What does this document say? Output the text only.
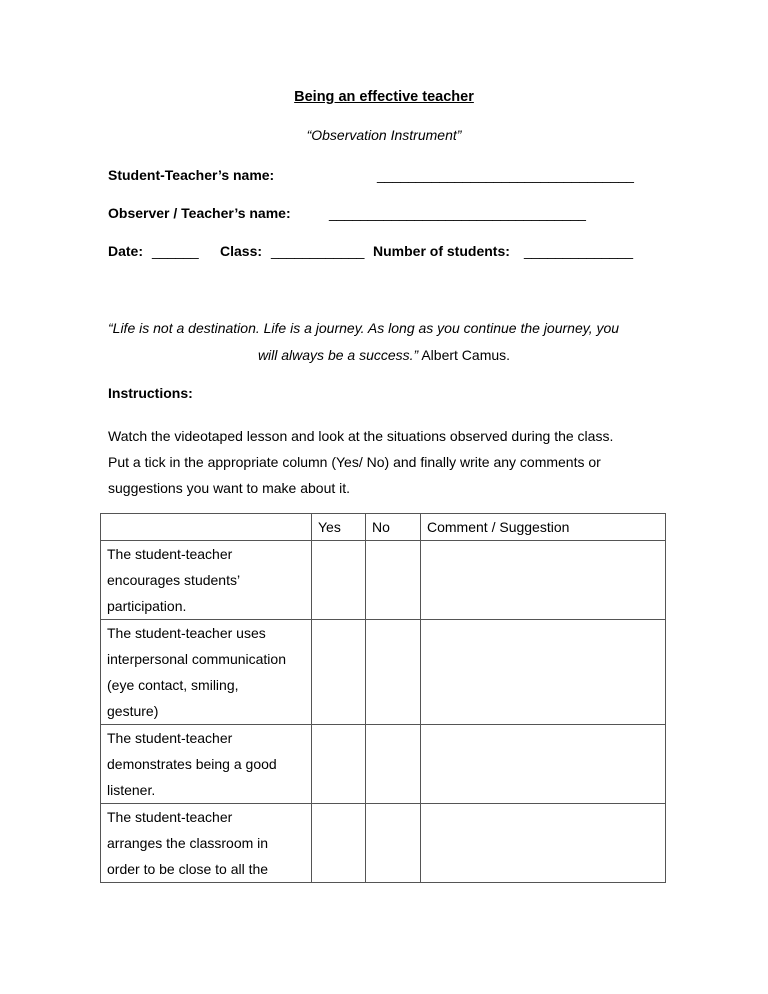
Being an effective teacher
“Observation Instrument”
Student-Teacher’s name:	_________________________________
Observer / Teacher’s name:	_________________________________
Date: ______ Class: ____________ Number of students: ______________
“Life is not a destination. Life is a journey. As long as you continue the journey, you
will always be a success.” Albert Camus.
Instructions:
Watch the videotaped lesson and look at the situations observed during the class.
Put a tick in the appropriate column (Yes/ No) and finally write any comments or
suggestions you want to make about it.
	Yes	No	Comment / Suggestion

The student-teacher
encourages students’
participation.			

The student-teacher uses
interpersonal communication
(eye contact, smiling,
gesture)			

The student-teacher
demonstrates being a good
listener.			

The student-teacher
arranges the classroom in
order to be close to all the			
